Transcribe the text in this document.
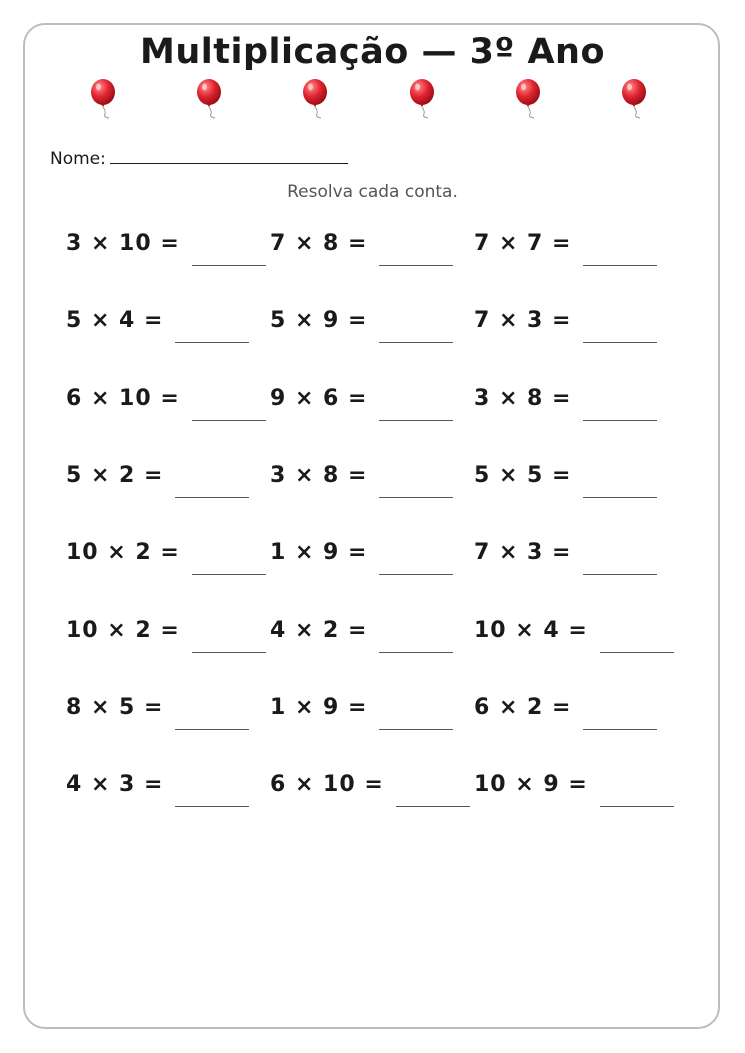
Multiplicação — 3º Ano
Nome:
Resolva cada conta.
3 × 10 =	7 × 8 =	7 × 7 =
5 × 4 =	5 × 9 =	7 × 3 =
6 × 10 =	9 × 6 =	3 × 8 =
5 × 2 =	3 × 8 =	5 × 5 =
10 × 2 =	1 × 9 =	7 × 3 =
10 × 2 =	4 × 2 =	10 × 4 =
8 × 5 =	1 × 9 =	6 × 2 =
4 × 3 =	6 × 10 =	10 × 9 =
